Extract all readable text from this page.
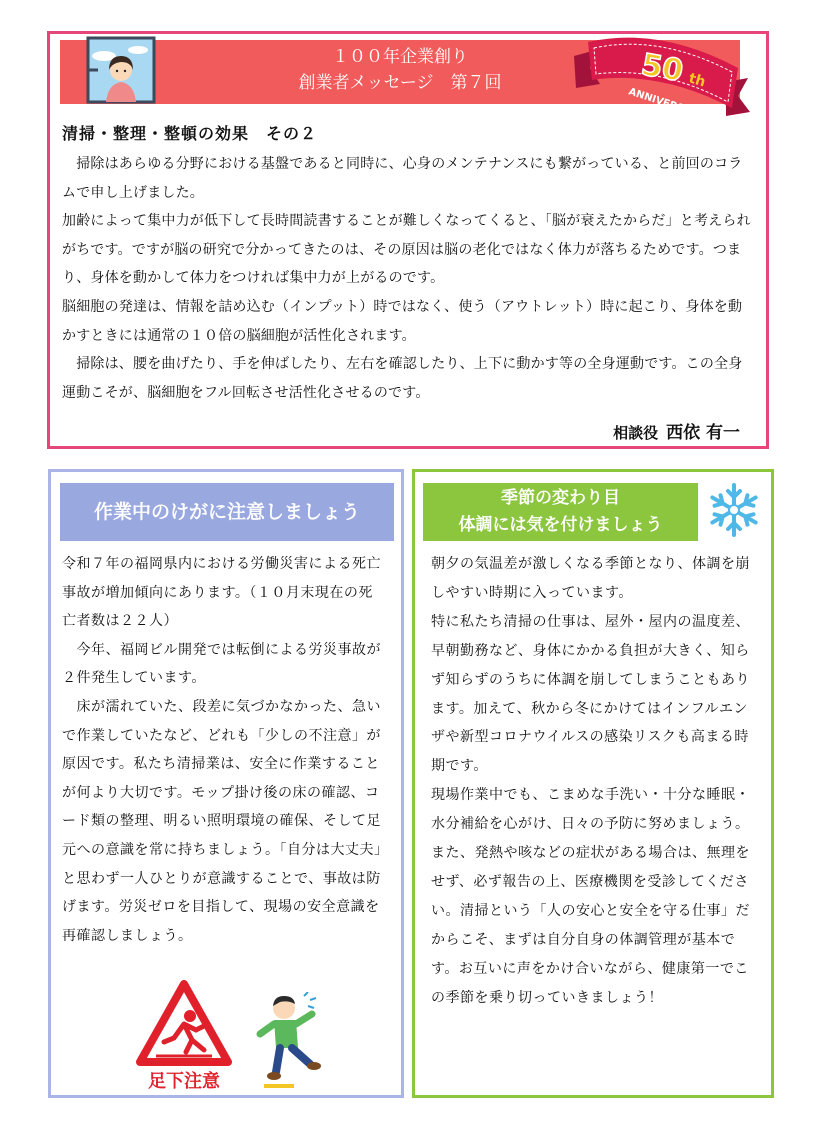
１００年企業創り
創業者メッセージ　第７回	50 th
ANNIVERSARY
清掃・整理・整頓の効果　その２

　掃除はあらゆる分野における基盤であると同時に、心身のメンテナンスにも繋がっている、と前回のコラムで申し上げました。

加齢によって集中力が低下して長時間読書することが難しくなってくると、「脳が衰えたからだ」と考えられがちです。ですが脳の研究で分かってきたのは、その原因は脳の老化ではなく体力が落ちるためです。つまり、身体を動かして体力をつければ集中力が上がるのです。

脳細胞の発達は、情報を詰め込む（インプット）時ではなく、使う（アウトレット）時に起こり、身体を動かすときには通常の１０倍の脳細胞が活性化されます。

　掃除は、腰を曲げたり、手を伸ばしたり、左右を確認したり、上下に動かす等の全身運動です。この全身運動こそが、脳細胞をフル回転させ活性化させるのです。

相談役 西依 有一
作業中のけがに注意しましょう

令和７年の福岡県内における労働災害による死亡事故が増加傾向にあります。（１０月末現在の死亡者数は２２人）

　今年、福岡ビル開発では転倒による労災事故が２件発生しています。

　床が濡れていた、段差に気づかなかった、急いで作業していたなど、どれも「少しの不注意」が原因です。私たち清掃業は、安全に作業することが何より大切です。モップ掛け後の床の確認、コード類の整理、明るい照明環境の確保、そして足元への意識を常に持ちましょう。「自分は大丈夫」と思わず一人ひとりが意識することで、事故は防げます。労災ゼロを目指して、現場の安全意識を再確認しましょう。

足下注意
季節の変わり目
体調には気を付けましょう

朝夕の気温差が激しくなる季節となり、体調を崩しやすい時期に入っています。

特に私たち清掃の仕事は、屋外・屋内の温度差、早朝勤務など、身体にかかる負担が大きく、知らず知らずのうちに体調を崩してしまうこともあります。加えて、秋から冬にかけてはインフルエンザや新型コロナウイルスの感染リスクも高まる時期です。

現場作業中でも、こまめな手洗い・十分な睡眠・水分補給を心がけ、日々の予防に努めましょう。

また、発熱や咳などの症状がある場合は、無理をせず、必ず報告の上、医療機関を受診してください。清掃という「人の安心と安全を守る仕事」だからこそ、まずは自分自身の体調管理が基本です。お互いに声をかけ合いながら、健康第一でこの季節を乗り切っていきましょう！
